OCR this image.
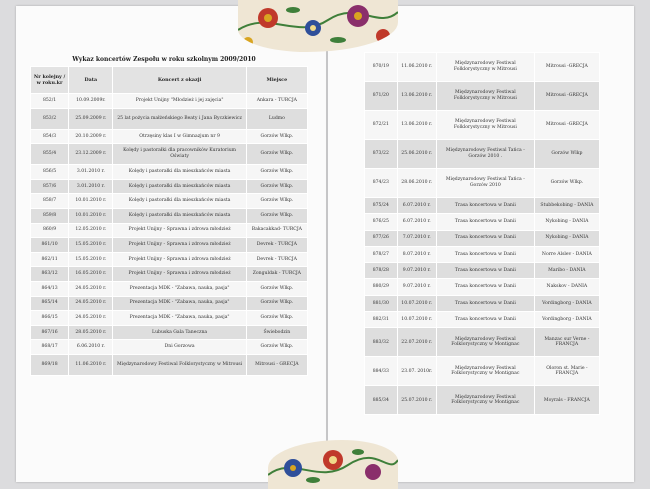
Wykaz koncertów Zespołu w roku szkolnym 2009/2010
Nr kolejny / w roku.kr	Data	Koncert z okazji	Miejsce
852/1	10.09.2009r.	Projekt Unijny "Młodzież i jej zajęcia"	Ankara - TURCJA
853/2	25.09.2009 r.	25 lat pożycia małżeńskiego Beaty i Jana Byczkiewicz	Ludmo
854/3	20.10.2009 r.	Otrzęsiny klas I w Gimnazjum nr 9	Gorzów Wlkp.
855/4	23.12.2009 r.	Kolędy i pastorałki dla pracowników Kuratorium Oświaty	Gorzów Wlkp.
856/5	3.01.2010 r.	Kolędy i pastorałki dla mieszkańców miasta	Gorzów Wlkp.
857/6	3.01.2010 r.	Kolędy i pastorałki dla mieszkańców miasta	Gorzów Wlkp.
858/7	10.01.2010 r.	Kolędy i pastorałki dla mieszkańców miasta	Gorzów Wlkp.
859/8	10.01.2010 r.	Kolędy i pastorałki dla mieszkańców miasta	Gorzów Wlkp.
860/9	12.05.2010 r.	Projekt Unijny - Sprawna i zdrowa młodzież	Bakacakkad- TURCJA
861/10	15.05.2010 r.	Projekt Unijny - Sprawna i zdrowa młodzież	Devrek - TURCJA
862/11	15.05.2010 r.	Projekt Unijny - Sprawna i zdrowa młodzież	Devrek - TURCJA
863/12	16.05.2010 r.	Projekt Unijny - Sprawna i zdrowa młodzież	Zonguldak - TURCJA
864/13	24.05.2010 r.	Prezentacja MDK - "Zabawa, nauka, pasja"	Gorzów Wlkp.
865/14	24.05.2010 r.	Prezentacja MDK - "Zabawa, nauka, pasja"	Gorzów Wlkp.
866/15	24.05.2010 r.	Prezentacja MDK - "Zabawa, nauka, pasja"	Gorzów Wlkp.
867/16	28.05.2010 r.	Lubuska Gala Taneczna	Świebodzin
868/17	6.06.2010 r.	Dni Gorzowa	Gorzów Wlkp.
869/18	11.06.2010 r.	Międzynarodowy Festiwal Folklorystyczny w Mitrousi	Mitrousi - GRECJA
870/19	11.06.2010 r.	Międzynarodowy Festiwal Folklorystyczny w Mitrousi	Mitrousi -GRECJA
871/20	13.06.2010 r.	Międzynarodowy Festiwal Folklorystyczny w Mitrousi	Mitrousi -GRECJA
872/21	13.06.2010 r.	Międzynarodowy Festiwal Folklorystyczny w Mitrousi	Mitrousi -GRECJA
873/22	25.06.2010 r.	Międzynarodowy Festiwal Tańca - Gorzów 2010 .	Gorzów Wlkp
874/23	28.06.2010 r.	Międzynarodowy Festiwal Tańca - Gorzów 2010	Gorzów Wlkp.
875/24	6.07.2010 r.	Trasa koncertowa w Danii	Stubbekobing - DANIA
876/25	6.07.2010 r.	Trasa koncertowa w Danii	Nykobing - DANIA
877/26	7.07.2010 r.	Trasa koncertowa w Danii	Nykobing - DANIA
878/27	8.07.2010 r.	Trasa koncertowa w Danii	Norre Alslev - DANIA
878/28	9.07.2010 r.	Trasa koncertowa w Danii	Maribo - DANIA
880/29	9.07.2010 r.	Trasa koncertowa w Danii	Nakskov - DANIA
881/30	10.07.2010 r.	Trasa koncertowa w Danii	Vordingborg - DANIA
882/31	10.07.2010 r.	Trasa koncertowa w Danii	Vordingborg - DANIA
883/32	22.07.2010 r.	Międzynarodowy Festiwal Folklorystyczny w Montignac	Manzac sur Verne - FRANCJA
884/33	23.07. 2010r.	Międzynarodowy Festiwal Folklorystyczny w Montignac	Oloron st. Marie - FRANCJA
885/34	25.07.2010 r.	Międzynarodowy Festiwal Folklorystyczny w Montignac	Moyrals - FRANCJA
